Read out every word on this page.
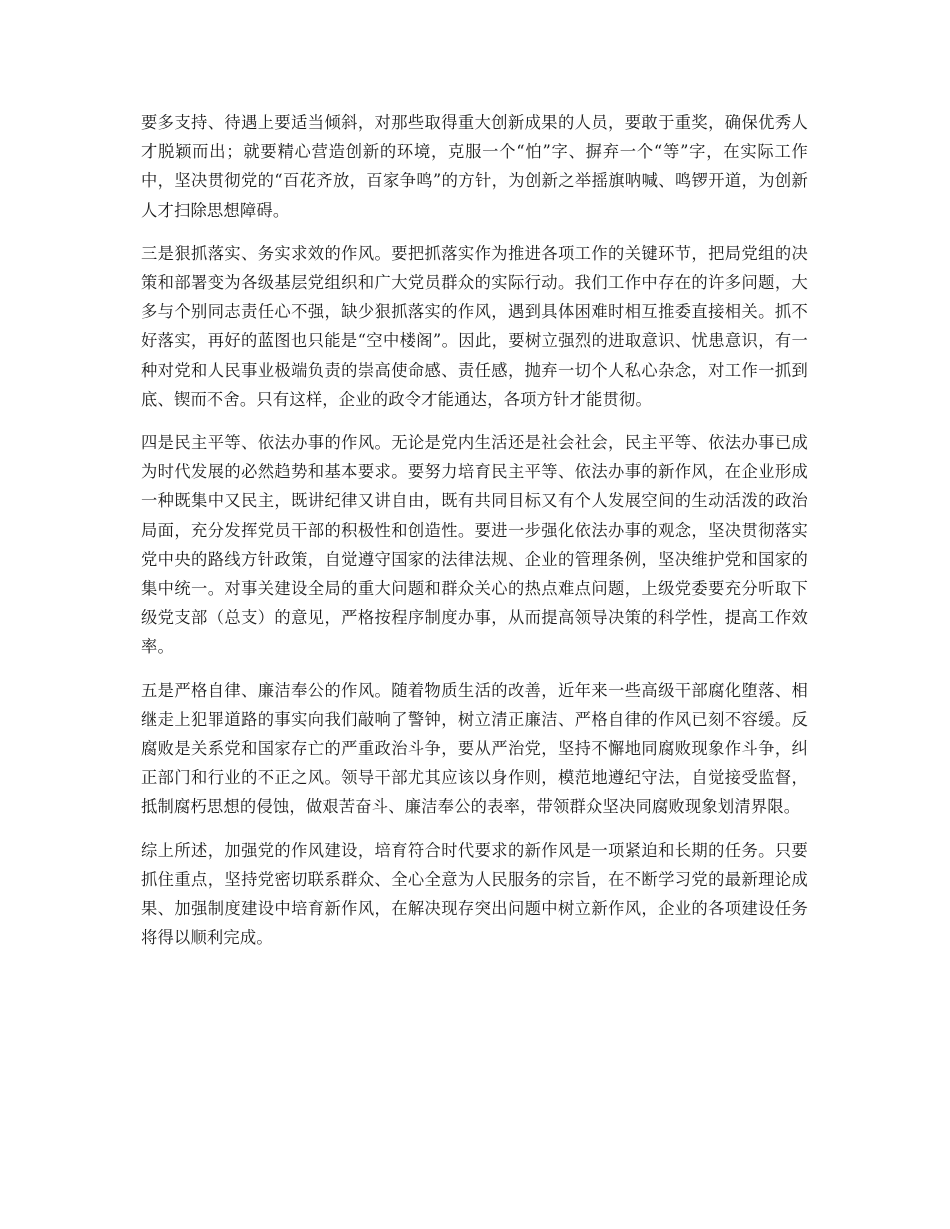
要多支持、待遇上要适当倾斜，对那些取得重大创新成果的人员，要敢于重奖，确保优秀人才脱颖而出；就要精心营造创新的环境，克服一个“怕”字、摒弃一个“等”字，在实际工作中，坚决贯彻党的“百花齐放，百家争鸣”的方针，为创新之举摇旗呐喊、鸣锣开道，为创新人才扫除思想障碍。

三是狠抓落实、务实求效的作风。要把抓落实作为推进各项工作的关键环节，把局党组的决策和部署变为各级基层党组织和广大党员群众的实际行动。我们工作中存在的许多问题，大多与个别同志责任心不强，缺少狠抓落实的作风，遇到具体困难时相互推委直接相关。抓不好落实，再好的蓝图也只能是“空中楼阁”。因此，要树立强烈的进取意识、忧患意识，有一种对党和人民事业极端负责的崇高使命感、责任感，抛弃一切个人私心杂念，对工作一抓到底、锲而不舍。只有这样，企业的政令才能通达，各项方针才能贯彻。

四是民主平等、依法办事的作风。无论是党内生活还是社会社会，民主平等、依法办事已成为时代发展的必然趋势和基本要求。要努力培育民主平等、依法办事的新作风，在企业形成一种既集中又民主，既讲纪律又讲自由，既有共同目标又有个人发展空间的生动活泼的政治局面，充分发挥党员干部的积极性和创造性。要进一步强化依法办事的观念，坚决贯彻落实党中央的路线方针政策，自觉遵守国家的法律法规、企业的管理条例，坚决维护党和国家的集中统一。对事关建设全局的重大问题和群众关心的热点难点问题，上级党委要充分听取下级党支部（总支）的意见，严格按程序制度办事，从而提高领导决策的科学性，提高工作效率。

五是严格自律、廉洁奉公的作风。随着物质生活的改善，近年来一些高级干部腐化堕落、相继走上犯罪道路的事实向我们敲响了警钟，树立清正廉洁、严格自律的作风已刻不容缓。反腐败是关系党和国家存亡的严重政治斗争，要从严治党，坚持不懈地同腐败现象作斗争，纠正部门和行业的不正之风。领导干部尤其应该以身作则，模范地遵纪守法，自觉接受监督，抵制腐朽思想的侵蚀，做艰苦奋斗、廉洁奉公的表率，带领群众坚决同腐败现象划清界限。

综上所述，加强党的作风建设，培育符合时代要求的新作风是一项紧迫和长期的任务。只要抓住重点，坚持党密切联系群众、全心全意为人民服务的宗旨，在不断学习党的最新理论成果、加强制度建设中培育新作风，在解决现存突出问题中树立新作风，企业的各项建设任务将得以顺利完成。
